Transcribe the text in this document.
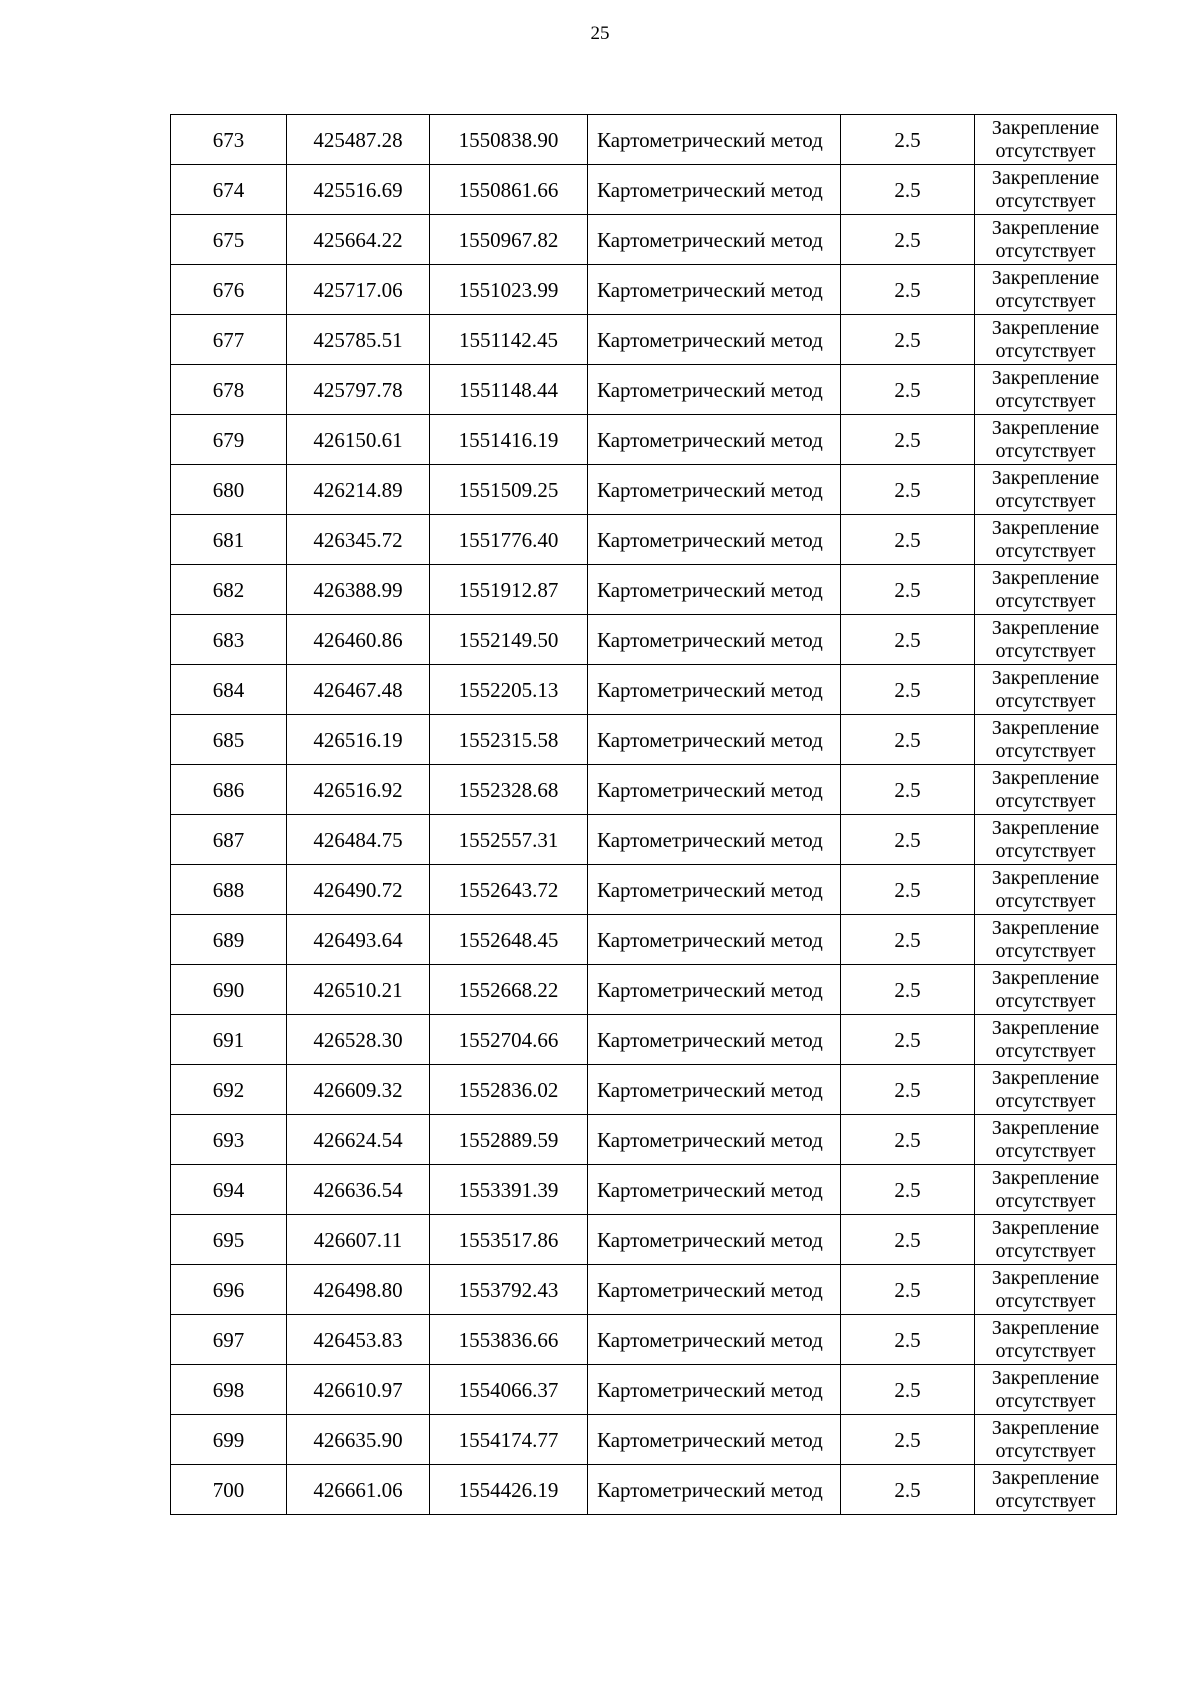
25
673	425487.28	1550838.90	Картометрический метод	2.5	Закрепление
отсутствует

674	425516.69	1550861.66	Картометрический метод	2.5	Закрепление
отсутствует

675	425664.22	1550967.82	Картометрический метод	2.5	Закрепление
отсутствует

676	425717.06	1551023.99	Картометрический метод	2.5	Закрепление
отсутствует

677	425785.51	1551142.45	Картометрический метод	2.5	Закрепление
отсутствует

678	425797.78	1551148.44	Картометрический метод	2.5	Закрепление
отсутствует

679	426150.61	1551416.19	Картометрический метод	2.5	Закрепление
отсутствует

680	426214.89	1551509.25	Картометрический метод	2.5	Закрепление
отсутствует

681	426345.72	1551776.40	Картометрический метод	2.5	Закрепление
отсутствует

682	426388.99	1551912.87	Картометрический метод	2.5	Закрепление
отсутствует

683	426460.86	1552149.50	Картометрический метод	2.5	Закрепление
отсутствует

684	426467.48	1552205.13	Картометрический метод	2.5	Закрепление
отсутствует

685	426516.19	1552315.58	Картометрический метод	2.5	Закрепление
отсутствует

686	426516.92	1552328.68	Картометрический метод	2.5	Закрепление
отсутствует

687	426484.75	1552557.31	Картометрический метод	2.5	Закрепление
отсутствует

688	426490.72	1552643.72	Картометрический метод	2.5	Закрепление
отсутствует

689	426493.64	1552648.45	Картометрический метод	2.5	Закрепление
отсутствует

690	426510.21	1552668.22	Картометрический метод	2.5	Закрепление
отсутствует

691	426528.30	1552704.66	Картометрический метод	2.5	Закрепление
отсутствует

692	426609.32	1552836.02	Картометрический метод	2.5	Закрепление
отсутствует

693	426624.54	1552889.59	Картометрический метод	2.5	Закрепление
отсутствует

694	426636.54	1553391.39	Картометрический метод	2.5	Закрепление
отсутствует

695	426607.11	1553517.86	Картометрический метод	2.5	Закрепление
отсутствует

696	426498.80	1553792.43	Картометрический метод	2.5	Закрепление
отсутствует

697	426453.83	1553836.66	Картометрический метод	2.5	Закрепление
отсутствует

698	426610.97	1554066.37	Картометрический метод	2.5	Закрепление
отсутствует

699	426635.90	1554174.77	Картометрический метод	2.5	Закрепление
отсутствует

700	426661.06	1554426.19	Картометрический метод	2.5	Закрепление
отсутствует
